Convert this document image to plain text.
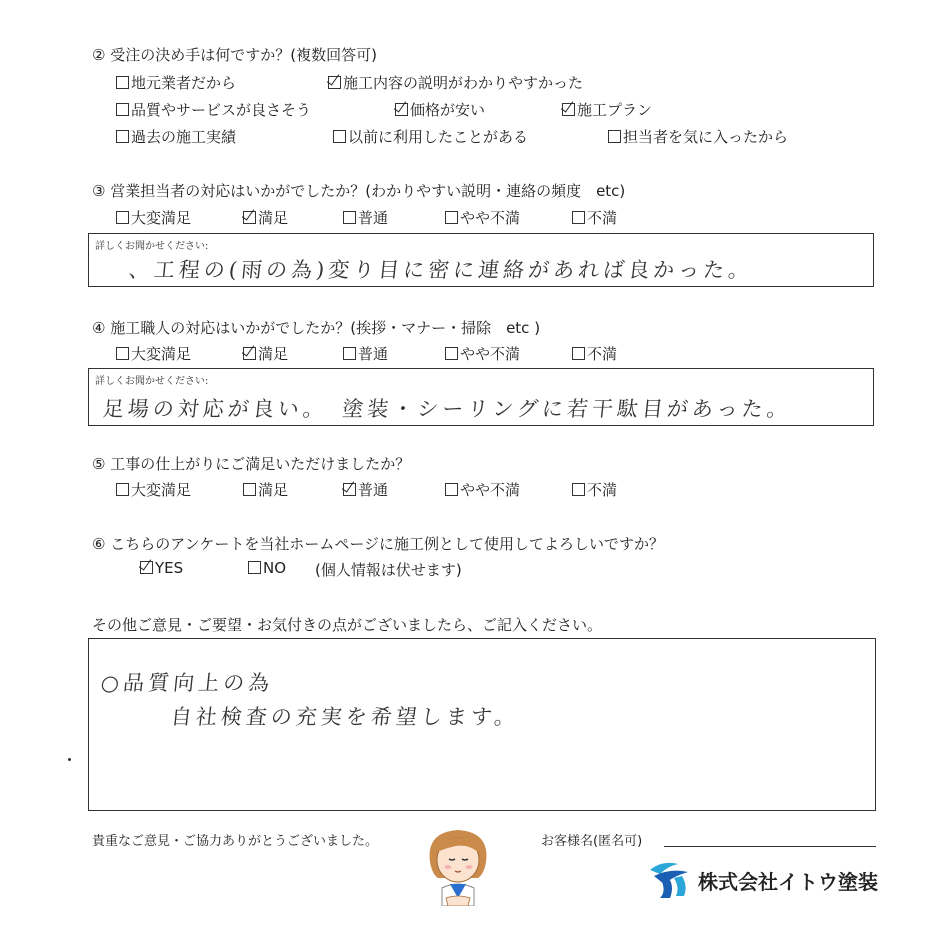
② 受注の決め手は何ですか？(複数回答可)
地元業者だから	施工内容の説明がわかりやすかった
品質やサービスが良さそう	価格が安い	施工プラン
過去の施工実績	以前に利用したことがある	担当者を気に入ったから
③ 営業担当者の対応はいかがでしたか？(わかりやすい説明・連絡の頻度　etc)
大変満足	満足	普通	やや不満	不満
詳しくお聞かせください:
、工程の(雨の為)変り目に密に連絡があれば良かった。
④ 施工職人の対応はいかがでしたか？(挨拶・マナー・掃除　etc )
大変満足	満足	普通	やや不満	不満
詳しくお聞かせください:
足場の対応が良い。　塗装・シーリングに若干駄目があった。
⑤ 工事の仕上がりにご満足いただけましたか？
大変満足	満足	普通	やや不満	不満
⑥ こちらのアンケートを当社ホームページに施工例として使用してよろしいですか？
YES	NO (個人情報は伏せます)
その他ご意見・ご要望・お気付きの点がございましたら、ご記入ください。
○品質向上の為
自社検査の充実を希望します。
貴重なご意見・ご協力ありがとうございました。	お客様名(匿名可)
株式会社イトウ塗装
